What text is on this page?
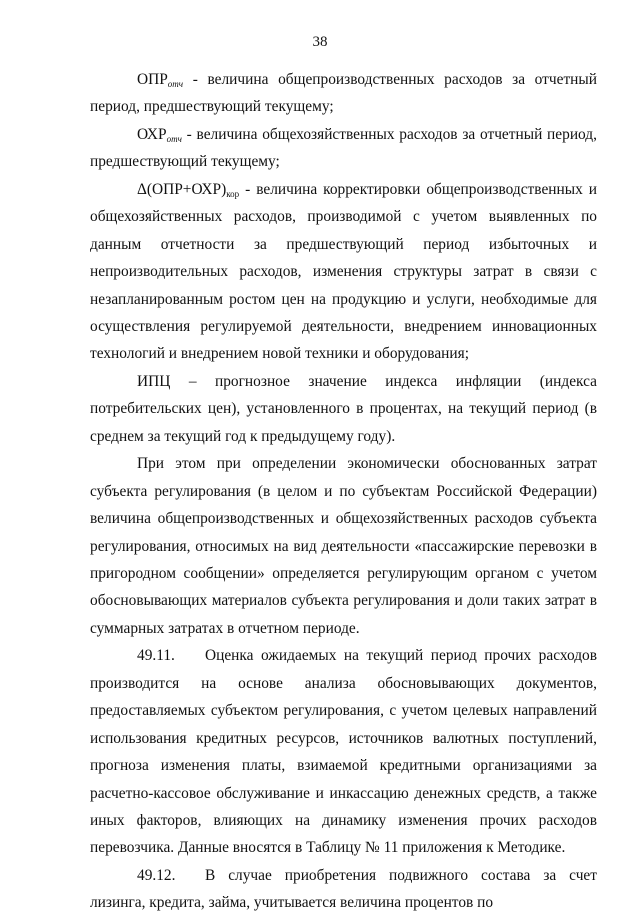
38

$ОПР_{отч}$ - величина общепроизводственных расходов за отчетный период, предшествующий текущему;

$ОХР_{отч}$ - величина общехозяйственных расходов за отчетный период, предшествующий текущему;

$\Delta(ОПР+ОХР)_{кор}$ - величина корректировки общепроизводственных и общехозяйственных расходов, производимой с учетом выявленных по данным отчетности за предшествующий период избыточных и непроизводительных расходов, изменения структуры затрат в связи с незапланированным ростом цен на продукцию и услуги, необходимые для осуществления регулируемой деятельности, внедрением инновационных технологий и внедрением новой техники и оборудования;

ИПЦ – прогнозное значение индекса инфляции (индекса потребительских цен), установленного в процентах, на текущий период (в среднем за текущий год к предыдущему году).

При этом при определении экономически обоснованных затрат субъекта регулирования (в целом и по субъектам Российской Федерации) величина общепроизводственных и общехозяйственных расходов субъекта регулирования, относимых на вид деятельности «пассажирские перевозки в пригородном сообщении» определяется регулирующим органом с учетом обосновывающих материалов субъекта регулирования и доли таких затрат в суммарных затратах в отчетном периоде.

49.11. Оценка ожидаемых на текущий период прочих расходов производится на основе анализа обосновывающих документов, предоставляемых субъектом регулирования, с учетом целевых направлений использования кредитных ресурсов, источников валютных поступлений, прогноза изменения платы, взимаемой кредитными организациями за расчетно-кассовое обслуживание и инкассацию денежных средств, а также иных факторов, влияющих на динамику изменения прочих расходов перевозчика. Данные вносятся в Таблицу № 11 приложения к Методике.

49.12. В случае приобретения подвижного состава за счет лизинга, кредита, займа, учитывается величина процентов по
